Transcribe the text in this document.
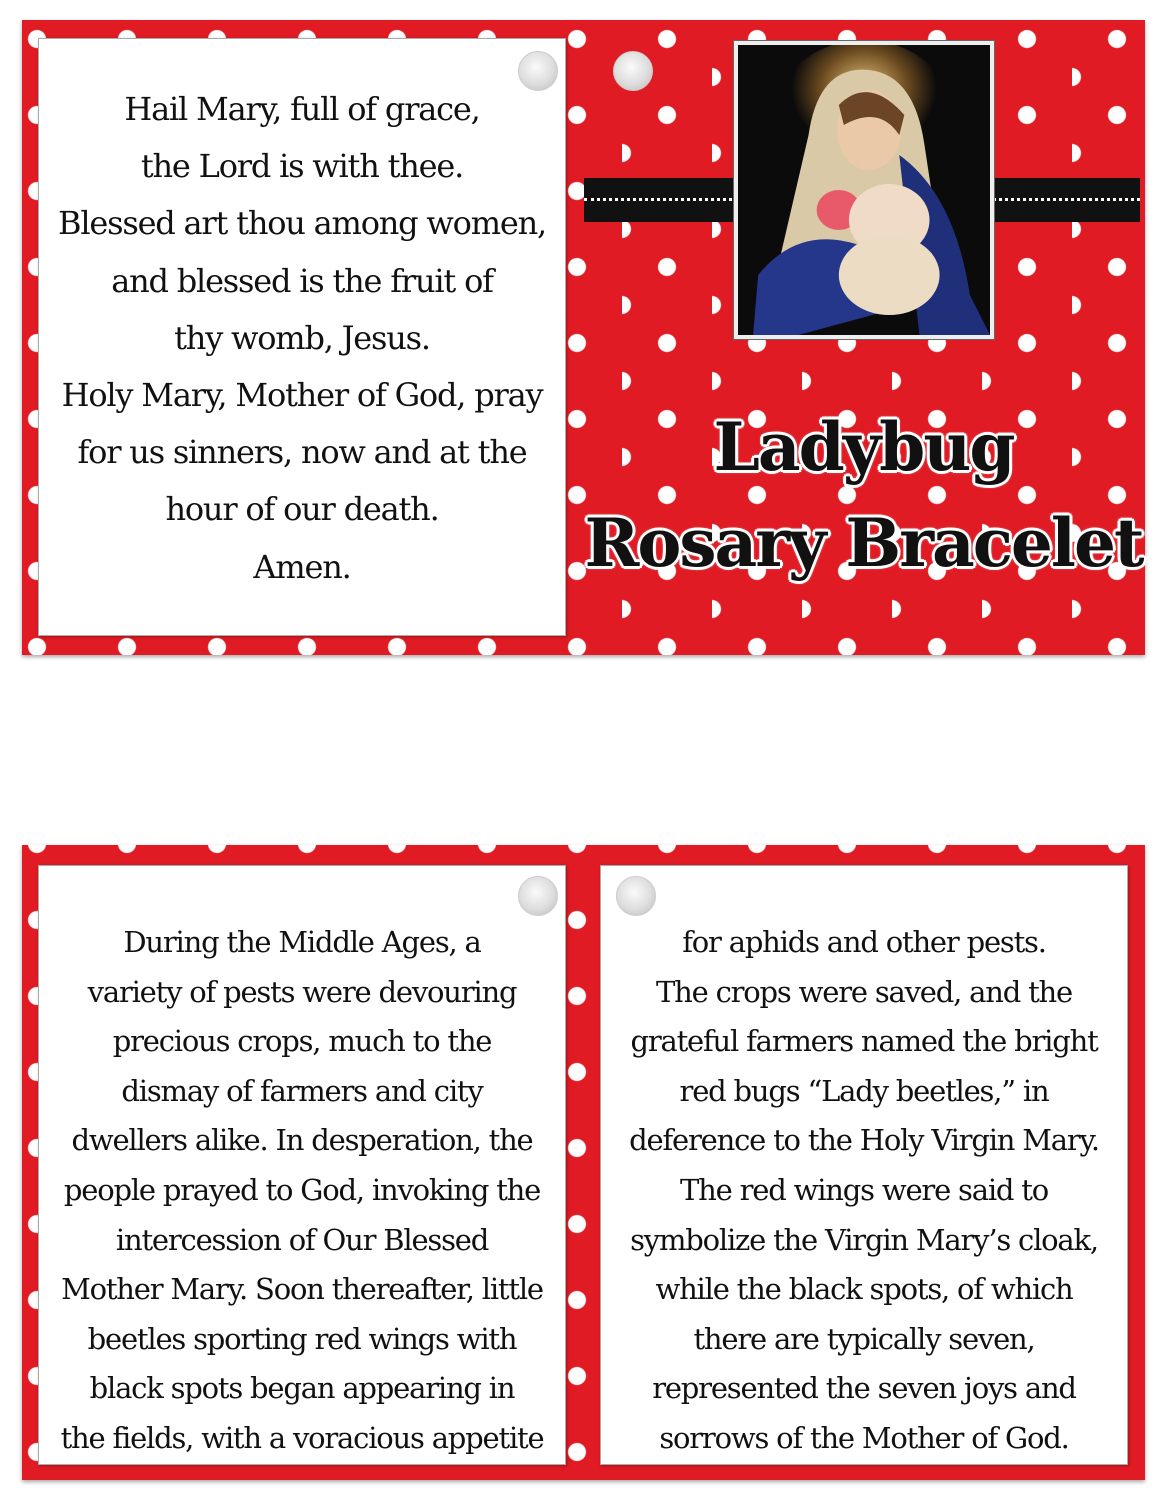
Hail Mary, full of grace,
the Lord is with thee.
Blessed art thou among women,
and blessed is the fruit of
thy womb, Jesus.
Holy Mary, Mother of God, pray
for us sinners, now and at the
hour of our death.
Amen.
Ladybug
Rosary Bracelet
During the Middle Ages, a
variety of pests were devouring
precious crops, much to the
dismay of farmers and city
dwellers alike. In desperation, the
people prayed to God, invoking the
intercession of Our Blessed
Mother Mary. Soon thereafter, little
beetles sporting red wings with
black spots began appearing in
the fields, with a voracious appetite
for aphids and other pests.
The crops were saved, and the
grateful farmers named the bright
red bugs “Lady beetles,” in
deference to the Holy Virgin Mary.
The red wings were said to
symbolize the Virgin Mary’s cloak,
while the black spots, of which
there are typically seven,
represented the seven joys and
sorrows of the Mother of God.
